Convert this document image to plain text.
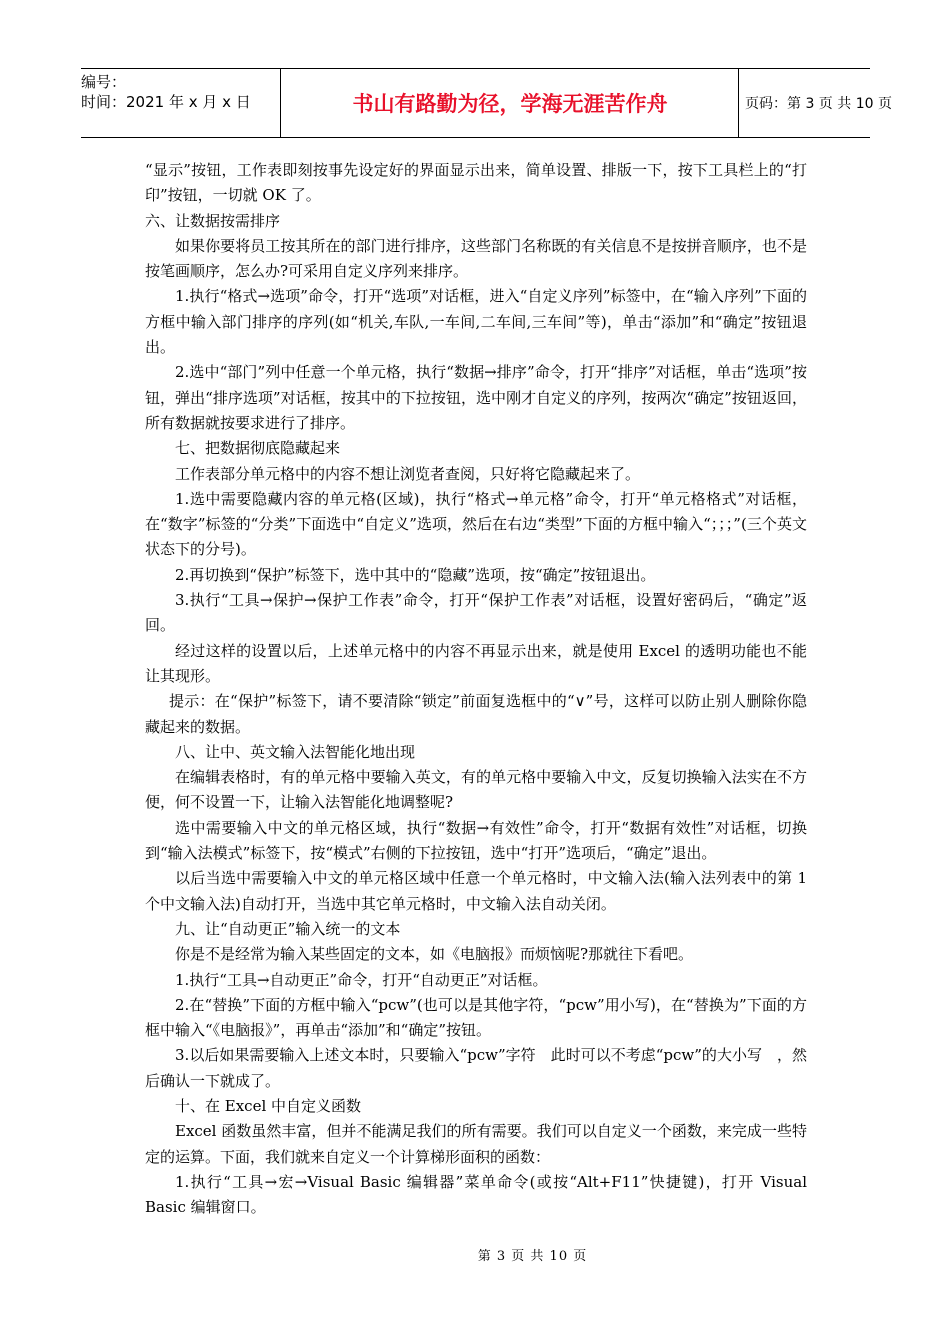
编号：
时间：2021 年 x 月 x 日	书山有路勤为径，学海无涯苦作舟	页码：第 3 页 共 10 页

“显示”按钮，工作表即刻按事先设定好的界面显示出来，简单设置、排版一下，按下工具栏上的“打印”按钮，一切就 OK 了。

六、让数据按需排序

如果你要将员工按其所在的部门进行排序，这些部门名称既的有关信息不是按拼音顺序，也不是按笔画顺序，怎么办?可采用自定义序列来排序。

1.执行“格式→选项”命令，打开“选项”对话框，进入“自定义序列”标签中，在“输入序列”下面的方框中输入部门排序的序列(如“机关,车队,一车间,二车间,三车间”等)，单击“添加”和“确定”按钮退出。

2.选中“部门”列中任意一个单元格，执行“数据→排序”命令，打开“排序”对话框，单击“选项”按钮，弹出“排序选项”对话框，按其中的下拉按钮，选中刚才自定义的序列，按两次“确定”按钮返回，所有数据就按要求进行了排序。

七、把数据彻底隐藏起来

工作表部分单元格中的内容不想让浏览者查阅，只好将它隐藏起来了。

1.选中需要隐藏内容的单元格(区域)，执行“格式→单元格”命令，打开“单元格格式”对话框，在“数字”标签的“分类”下面选中“自定义”选项，然后在右边“类型”下面的方框中输入“；；；”(三个英文状态下的分号)。

2.再切换到“保护”标签下，选中其中的“隐藏”选项，按“确定”按钮退出。

3.执行“工具→保护→保护工作表”命令，打开“保护工作表”对话框，设置好密码后，“确定”返回。

经过这样的设置以后，上述单元格中的内容不再显示出来，就是使用 Excel 的透明功能也不能让其现形。

提示：在“保护”标签下，请不要清除“锁定”前面复选框中的“∨”号，这样可以防止别人删除你隐藏起来的数据。

八、让中、英文输入法智能化地出现

在编辑表格时，有的单元格中要输入英文，有的单元格中要输入中文，反复切换输入法实在不方便，何不设置一下，让输入法智能化地调整呢?

选中需要输入中文的单元格区域，执行“数据→有效性”命令，打开“数据有效性”对话框，切换到“输入法模式”标签下，按“模式”右侧的下拉按钮，选中“打开”选项后，“确定”退出。

以后当选中需要输入中文的单元格区域中任意一个单元格时，中文输入法(输入法列表中的第 1 个中文输入法)自动打开，当选中其它单元格时，中文输入法自动关闭。

九、让“自动更正”输入统一的文本

你是不是经常为输入某些固定的文本，如《电脑报》而烦恼呢?那就往下看吧。

1.执行“工具→自动更正”命令，打开“自动更正”对话框。

2.在“替换”下面的方框中输入“pcw”(也可以是其他字符，“pcw”用小写)，在“替换为”下面的方框中输入“《电脑报》”，再单击“添加”和“确定”按钮。

3.以后如果需要输入上述文本时，只要输入“pcw”字符　此时可以不考虑“pcw”的大小写　，然后确认一下就成了。

十、在 Excel 中自定义函数

Excel 函数虽然丰富，但并不能满足我们的所有需要。我们可以自定义一个函数，来完成一些特定的运算。下面，我们就来自定义一个计算梯形面积的函数：

1.执行“工具→宏→Visual Basic 编辑器”菜单命令(或按“Alt+F11”快捷键)，打开 Visual Basic 编辑窗口。

第 3 页 共 10 页
